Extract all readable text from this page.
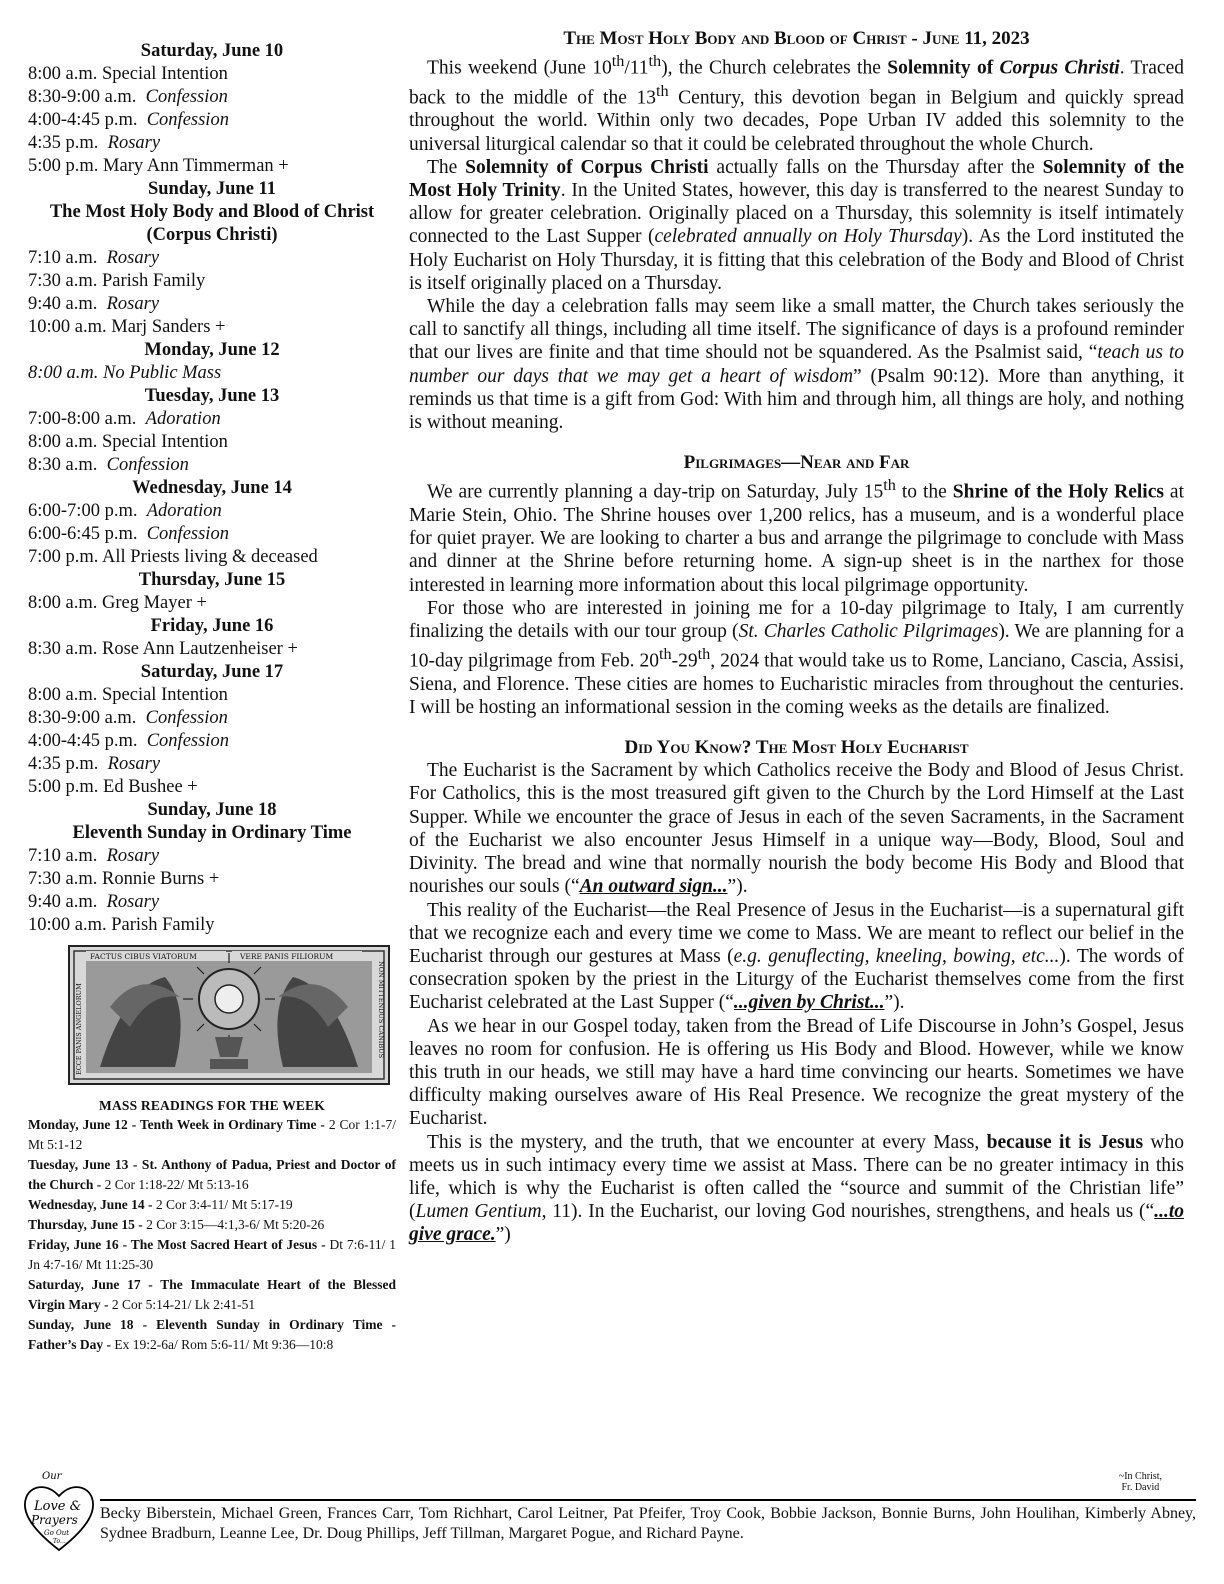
Saturday, June 10
8:00 a.m. Special Intention
8:30-9:00 a.m. Confession
4:00-4:45 p.m. Confession
4:35 p.m. Rosary
5:00 p.m. Mary Ann Timmerman +
Sunday, June 11
The Most Holy Body and Blood of Christ (Corpus Christi)
7:10 a.m. Rosary
7:30 a.m. Parish Family
9:40 a.m. Rosary
10:00 a.m. Marj Sanders +
Monday, June 12
8:00 a.m. No Public Mass
Tuesday, June 13
7:00-8:00 a.m. Adoration
8:00 a.m. Special Intention
8:30 a.m. Confession
Wednesday, June 14
6:00-7:00 p.m. Adoration
6:00-6:45 p.m. Confession
7:00 p.m. All Priests living & deceased
Thursday, June 15
8:00 a.m. Greg Mayer +
Friday, June 16
8:30 a.m. Rose Ann Lautzenheiser +
Saturday, June 17
8:00 a.m. Special Intention
8:30-9:00 a.m. Confession
4:00-4:45 p.m. Confession
4:35 p.m. Rosary
5:00 p.m. Ed Bushee +
Sunday, June 18
Eleventh Sunday in Ordinary Time
7:10 a.m. Rosary
7:30 a.m. Ronnie Burns +
9:40 a.m. Rosary
10:00 a.m. Parish Family
FACTUS CIBUS VIATORUM	VERE PANIS FILIORUM
ECCE PANIS ANGELORUM	NON MITTENDUS CANIBUS
MASS READINGS FOR THE WEEK
Monday, June 12 - Tenth Week in Ordinary Time - 2 Cor 1:1-7/ Mt 5:1-12
Tuesday, June 13 - St. Anthony of Padua, Priest and Doctor of the Church - 2 Cor 1:18-22/ Mt 5:13-16
Wednesday, June 14 - 2 Cor 3:4-11/ Mt 5:17-19
Thursday, June 15 - 2 Cor 3:15—4:1,3-6/ Mt 5:20-26
Friday, June 16 - The Most Sacred Heart of Jesus - Dt 7:6-11/ 1 Jn 4:7-16/ Mt 11:25-30
Saturday, June 17 - The Immaculate Heart of the Blessed Virgin Mary - 2 Cor 5:14-21/ Lk 2:41-51
Sunday, June 18 - Eleventh Sunday in Ordinary Time - Father’s Day - Ex 19:2-6a/ Rom 5:6-11/ Mt 9:36—10:8
The Most Holy Body and Blood of Christ - June 11, 2023

This weekend (June 10th/11th), the Church celebrates the Solemnity of Corpus Christi. Traced back to the middle of the 13th Century, this devotion began in Belgium and quickly spread throughout the world. Within only two decades, Pope Urban IV added this solemnity to the universal liturgical calendar so that it could be celebrated throughout the whole Church.

The Solemnity of Corpus Christi actually falls on the Thursday after the Solemnity of the Most Holy Trinity. In the United States, however, this day is transferred to the nearest Sunday to allow for greater celebration. Originally placed on a Thursday, this solemnity is itself intimately connected to the Last Supper (celebrated annually on Holy Thursday). As the Lord instituted the Holy Eucharist on Holy Thursday, it is fitting that this celebration of the Body and Blood of Christ is itself originally placed on a Thursday.

While the day a celebration falls may seem like a small matter, the Church takes seriously the call to sanctify all things, including all time itself. The significance of days is a profound reminder that our lives are finite and that time should not be squandered. As the Psalmist said, “teach us to number our days that we may get a heart of wisdom” (Psalm 90:12). More than anything, it reminds us that time is a gift from God: With him and through him, all things are holy, and nothing is without meaning.

Pilgrimages—Near and Far

We are currently planning a day-trip on Saturday, July 15th to the Shrine of the Holy Relics at Marie Stein, Ohio. The Shrine houses over 1,200 relics, has a museum, and is a wonderful place for quiet prayer. We are looking to charter a bus and arrange the pilgrimage to conclude with Mass and dinner at the Shrine before returning home. A sign-up sheet is in the narthex for those interested in learning more information about this local pilgrimage opportunity.

For those who are interested in joining me for a 10-day pilgrimage to Italy, I am currently finalizing the details with our tour group (St. Charles Catholic Pilgrimages). We are planning for a 10-day pilgrimage from Feb. 20th-29th, 2024 that would take us to Rome, Lanciano, Cascia, Assisi, Siena, and Florence. These cities are homes to Eucharistic miracles from throughout the centuries. I will be hosting an informational session in the coming weeks as the details are finalized.

Did You Know? The Most Holy Eucharist

The Eucharist is the Sacrament by which Catholics receive the Body and Blood of Jesus Christ. For Catholics, this is the most treasured gift given to the Church by the Lord Himself at the Last Supper. While we encounter the grace of Jesus in each of the seven Sacraments, in the Sacrament of the Eucharist we also encounter Jesus Himself in a unique way—Body, Blood, Soul and Divinity. The bread and wine that normally nourish the body become His Body and Blood that nourishes our souls (“An outward sign...”).

This reality of the Eucharist—the Real Presence of Jesus in the Eucharist—is a supernatural gift that we recognize each and every time we come to Mass. We are meant to reflect our belief in the Eucharist through our gestures at Mass (e.g. genuflecting, kneeling, bowing, etc...). The words of consecration spoken by the priest in the Liturgy of the Eucharist themselves come from the first Eucharist celebrated at the Last Supper (“...given by Christ...”).

As we hear in our Gospel today, taken from the Bread of Life Discourse in John’s Gospel, Jesus leaves no room for confusion. He is offering us His Body and Blood. However, while we know this truth in our heads, we still may have a hard time convincing our hearts. Sometimes we have difficulty making ourselves aware of His Real Presence. We recognize the great mystery of the Eucharist.

This is the mystery, and the truth, that we encounter at every Mass, because it is Jesus who meets us in such intimacy every time we assist at Mass. There can be no greater intimacy in this life, which is why the Eucharist is often called the “source and summit of the Christian life” (Lumen Gentium, 11). In the Eucharist, our loving God nourishes, strengthens, and heals us (“...to give grace.”)

~In Christ,
Fr. David
Our
Love &
Prayers
Go Out
To...
Becky Biberstein, Michael Green, Frances Carr, Tom Richhart, Carol Leitner, Pat Pfeifer, Troy Cook, Bobbie Jackson, Bonnie Burns, John Houlihan, Kimberly Abney, Sydnee Bradburn, Leanne Lee, Dr. Doug Phillips, Jeff Tillman, Margaret Pogue, and Richard Payne.
